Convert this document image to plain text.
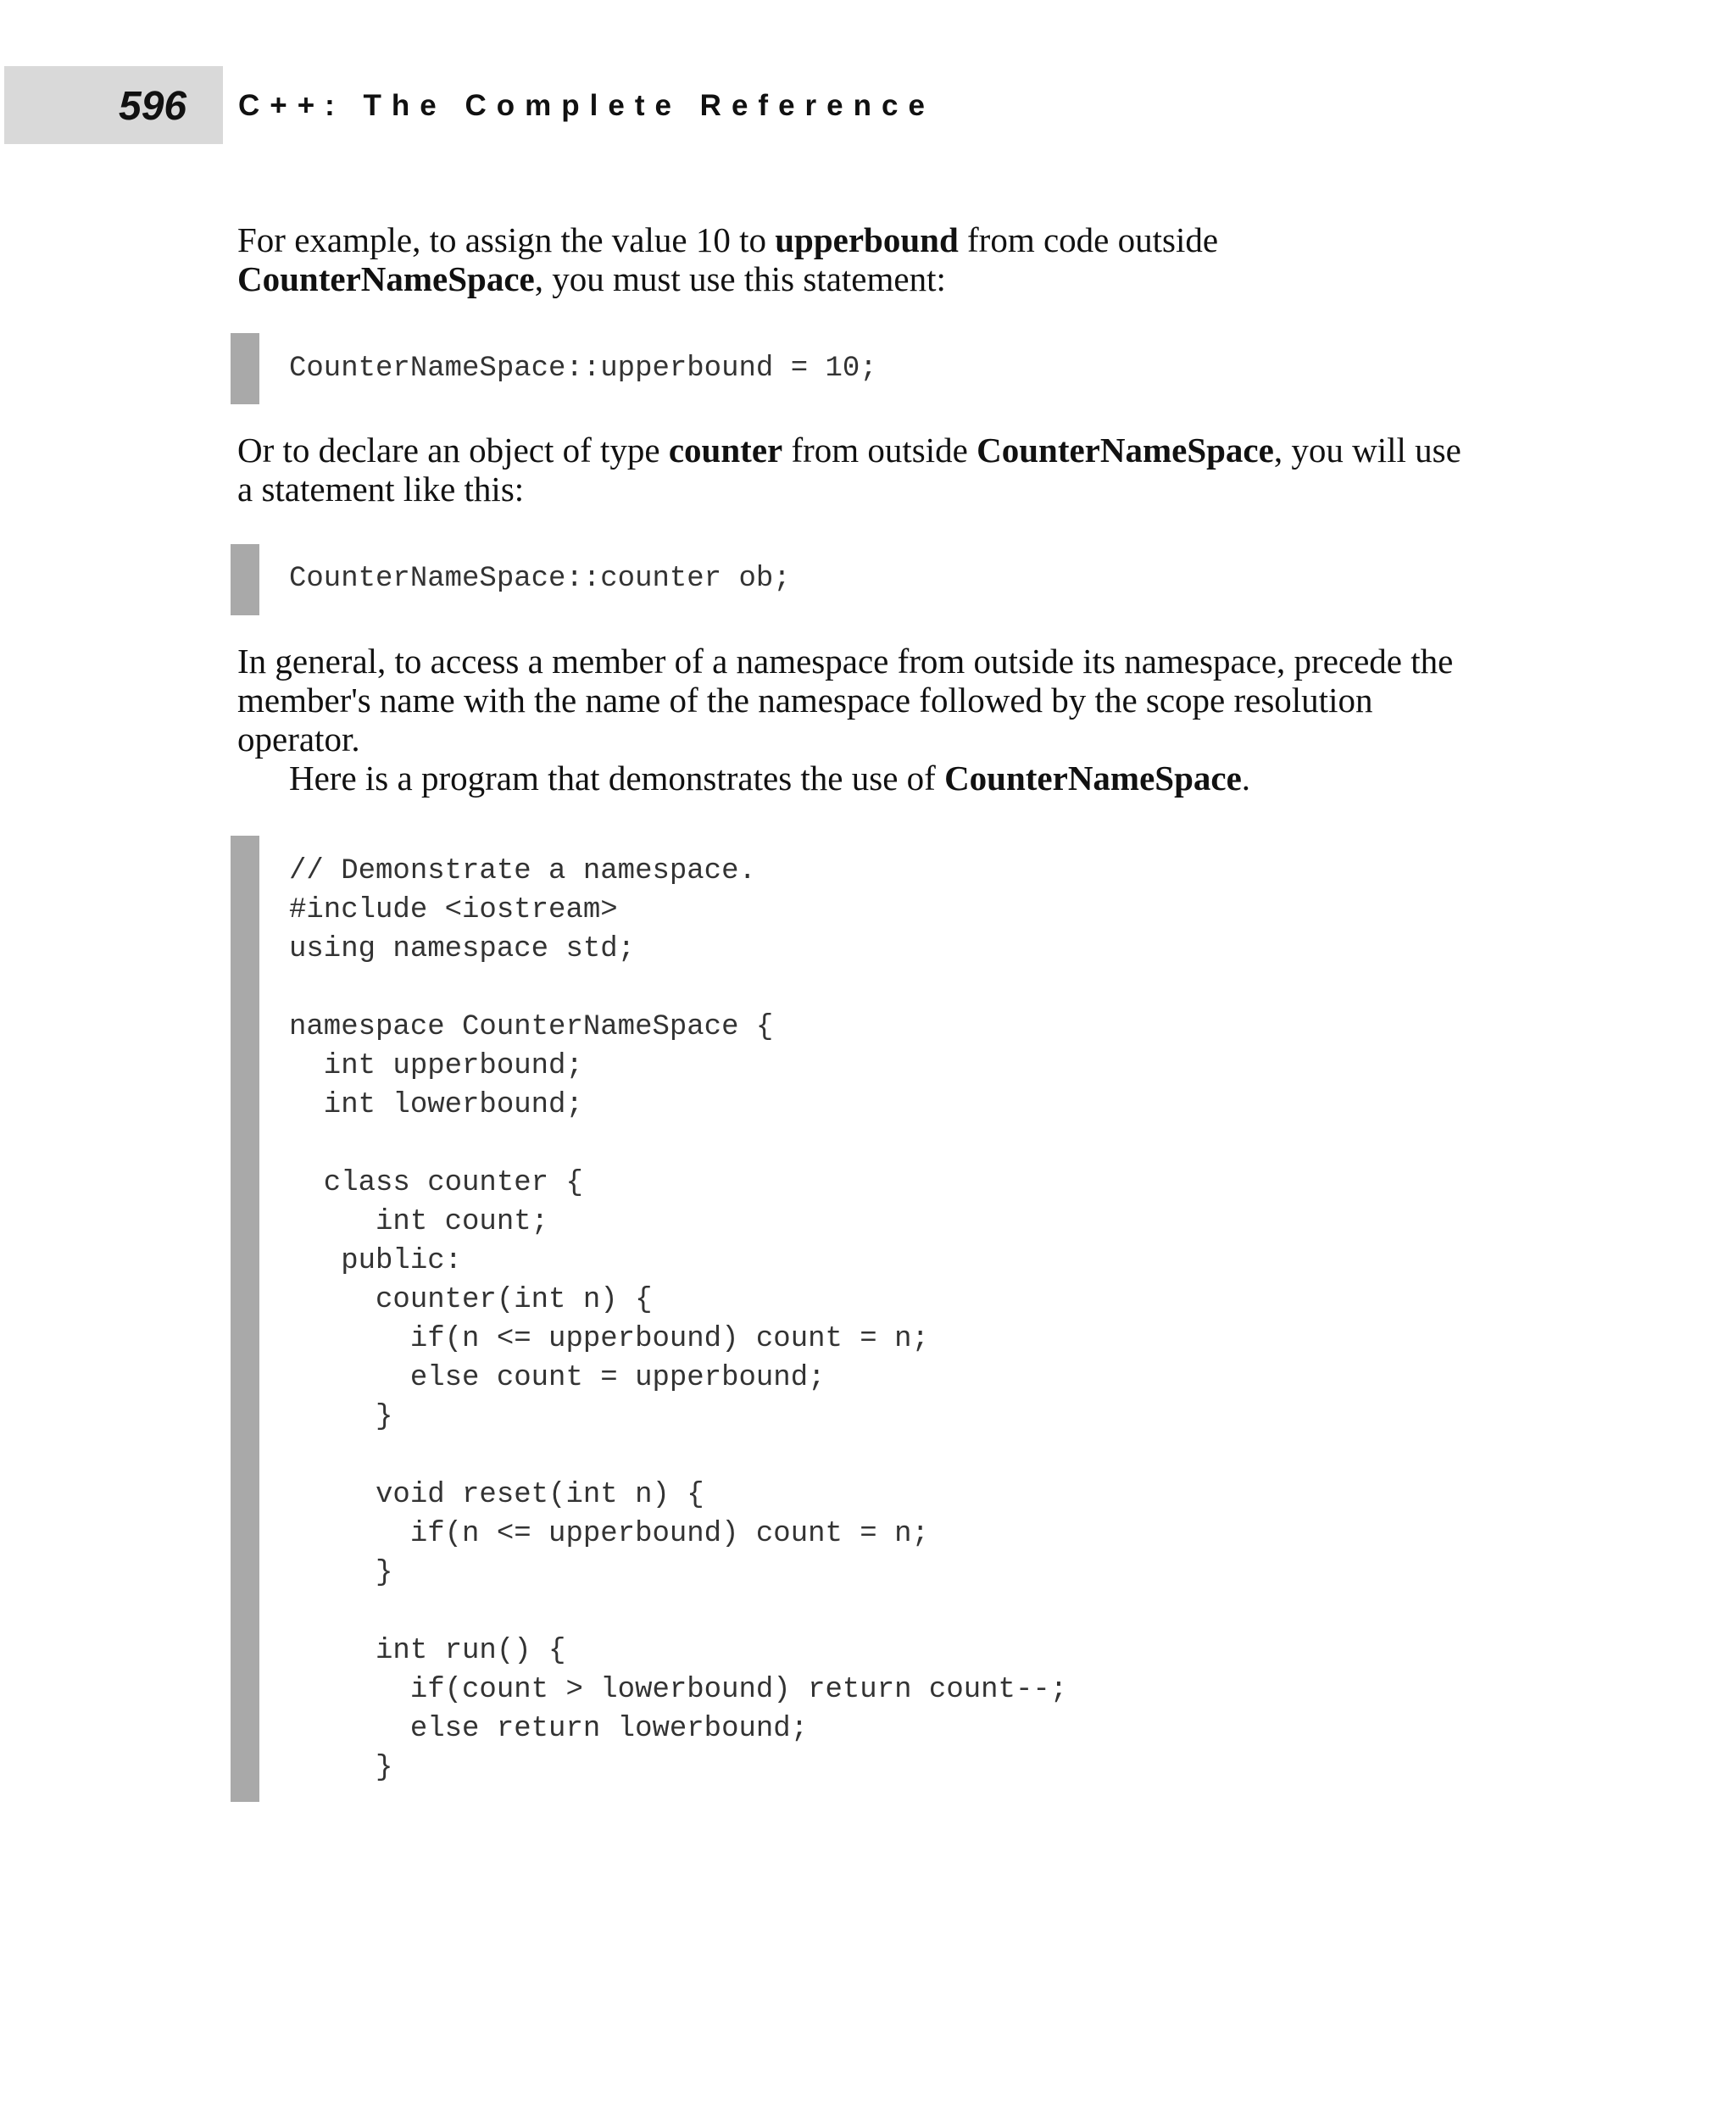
596 C++: The Complete Reference
For example, to assign the value 10 to upperbound from code outside
CounterNameSpace, you must use this statement:
CounterNameSpace::upperbound = 10;
Or to declare an object of type counter from outside CounterNameSpace, you will use
a statement like this:
CounterNameSpace::counter ob;
In general, to access a member of a namespace from outside its namespace, precede the
member's name with the name of the namespace followed by the scope resolution
operator.
Here is a program that demonstrates the use of CounterNameSpace.
// Demonstrate a namespace.
#include <iostream>
using namespace std;
namespace CounterNameSpace {
int upperbound;
int lowerbound;
class counter {
int count;
public:
counter(int n) {
if(n <= upperbound) count = n;
else count = upperbound;
}
void reset(int n) {
if(n <= upperbound) count = n;
}
int run() {
if(count > lowerbound) return count--;
else return lowerbound;
}
